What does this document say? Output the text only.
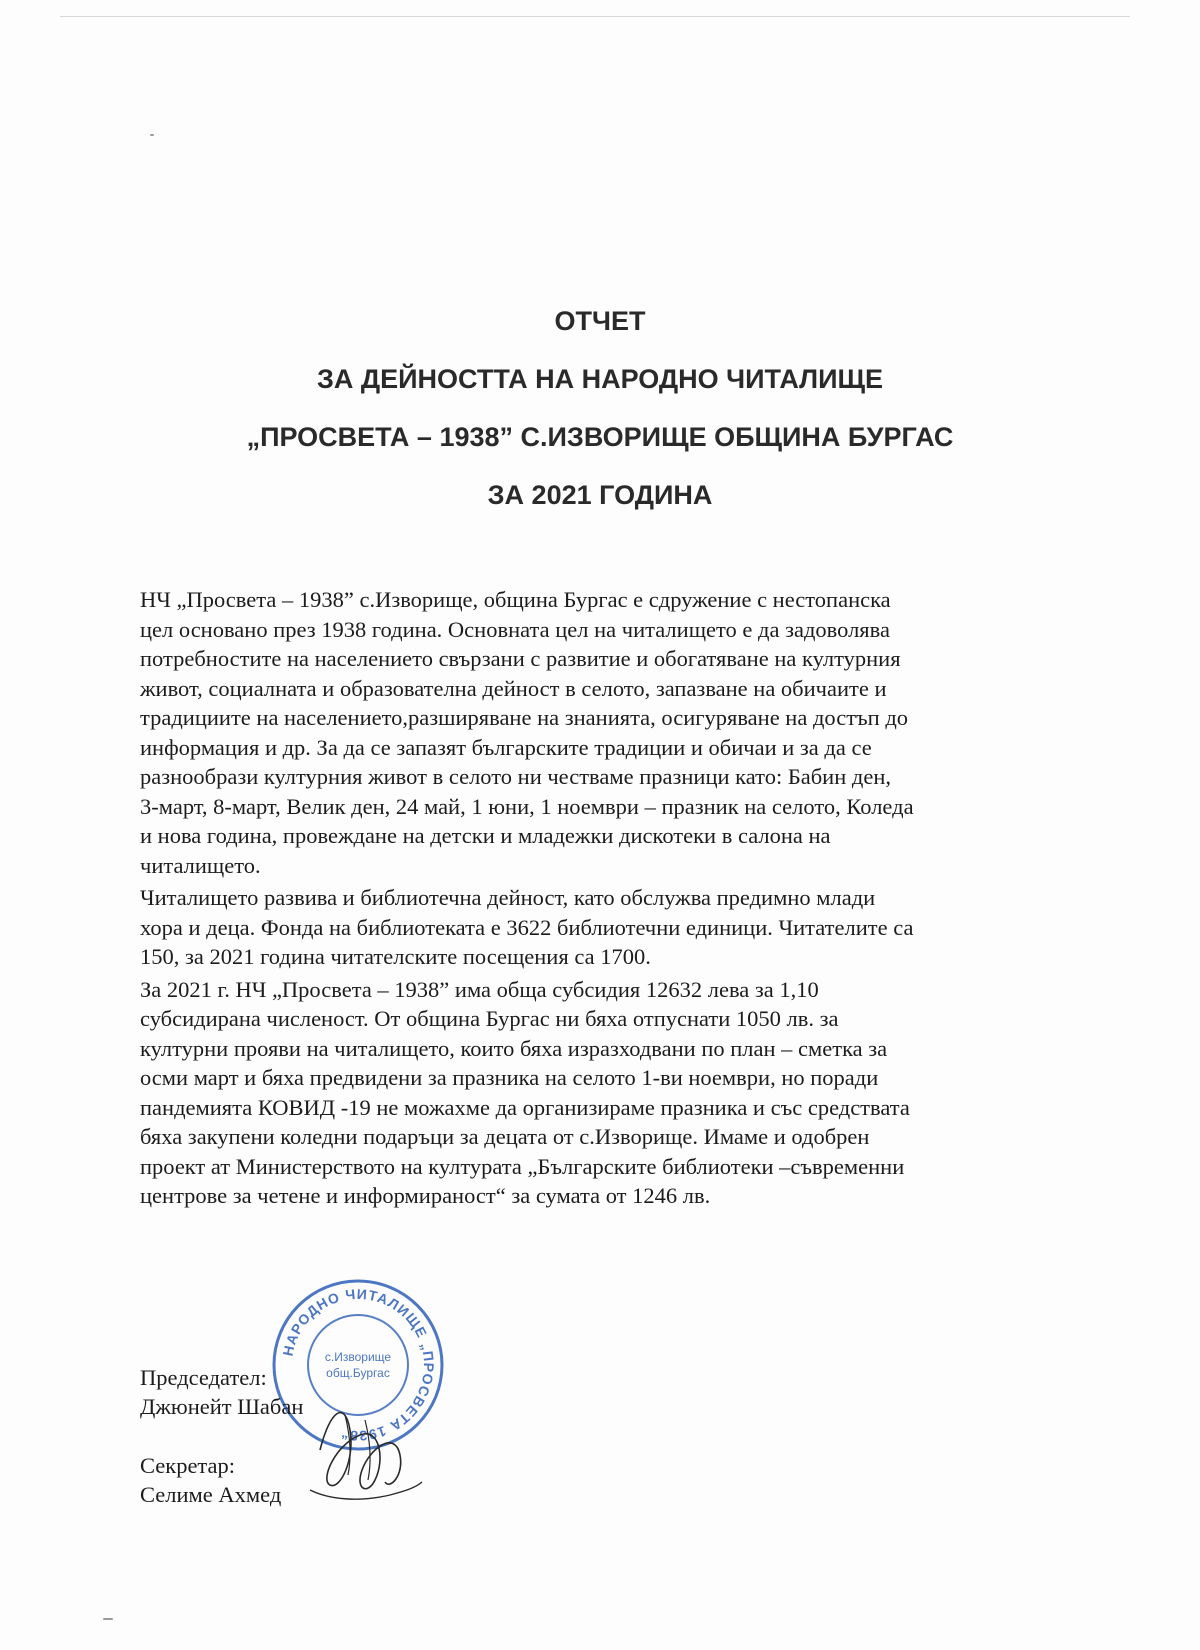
ОТЧЕТ
ЗА ДЕЙНОСТТА НА НАРОДНО ЧИТАЛИЩЕ
„ПРОСВЕТА – 1938” С.ИЗВОРИЩЕ ОБЩИНА БУРГАС
ЗА 2021 ГОДИНА
НЧ „Просвета – 1938” с.Изворище, община Бургас е сдружение с нестопанска
цел основано през 1938 година. Основната цел на читалището е да задоволява
потребностите на населението свързани с развитие и обогатяване на културния
живот, социалната и образователна дейност в селото, запазване на обичаите и
традициите на населението,разширяване на знанията, осигуряване на достъп до
информация и др. За да се запазят българските традиции и обичаи и за да се
разнообрази културния живот в селото ни честваме празници като: Бабин ден,
3-март, 8-март, Велик ден, 24 май, 1 юни, 1 ноември – празник на селото, Коледа
и нова година, провеждане на детски и младежки дискотеки в салона на
читалището.
Читалището развива и библиотечна дейност, като обслужва предимно млади
хора и деца. Фонда на библиотеката е 3622 библиотечни единици. Читателите са
150, за 2021 година читателските посещения са 1700.
За 2021 г. НЧ „Просвета – 1938” има обща субсидия 12632 лева за 1,10
субсидирана численост. От община Бургас ни бяха отпуснати 1050 лв. за
културни прояви на читалището, които бяха изразходвани по план – сметка за
осми март и бяха предвидени за празника на селото 1-ви ноември, но поради
пандемията КОВИД -19 не можахме да организираме празника и със средствата
бяха закупени коледни подаръци за децата от с.Изворище. Имаме и одобрен
проект ат Министерството на културата „Българските библиотеки –съвременни
центрове за четене и информираност“ за сумата от 1246 лв.
НАРОДНО ЧИТАЛИЩЕ „ПРОСВЕТА 1938“
с.Изворище
общ.Бургас
Председател:
Джюнейт Шабан
Секретар:
Селиме Ахмед
